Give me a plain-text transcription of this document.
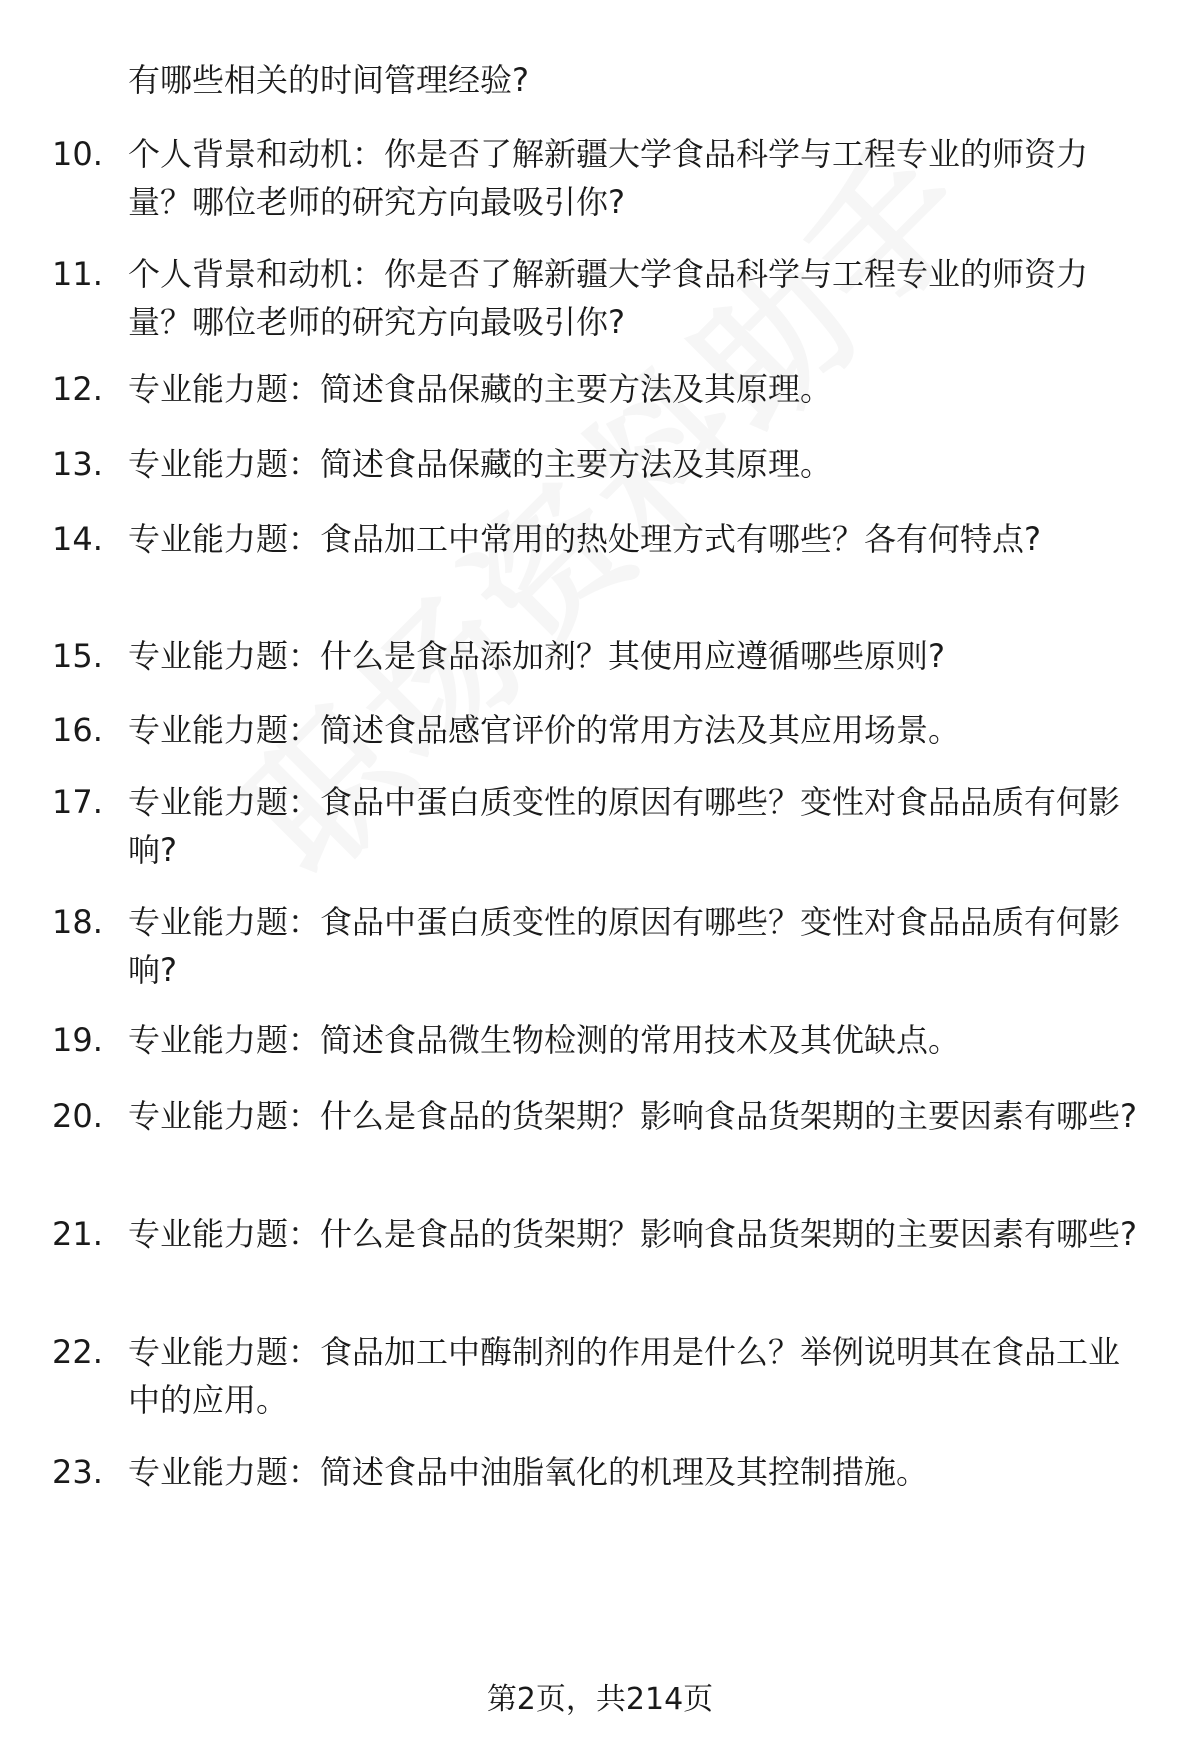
有哪些相关的时间管理经验?

10. 个人背景和动机：你是否了解新疆大学食品科学与工程专业的师资力量？哪位老师的研究方向最吸引你?
11. 个人背景和动机：你是否了解新疆大学食品科学与工程专业的师资力量？哪位老师的研究方向最吸引你?
12. 专业能力题：简述食品保藏的主要方法及其原理。
13. 专业能力题：简述食品保藏的主要方法及其原理。
14. 专业能力题：食品加工中常用的热处理方式有哪些？各有何特点?
15. 专业能力题：什么是食品添加剂？其使用应遵循哪些原则?
16. 专业能力题：简述食品感官评价的常用方法及其应用场景。
17. 专业能力题：食品中蛋白质变性的原因有哪些？变性对食品品质有何影响?
18. 专业能力题：食品中蛋白质变性的原因有哪些？变性对食品品质有何影响?
19. 专业能力题：简述食品微生物检测的常用技术及其优缺点。
20. 专业能力题：什么是食品的货架期？影响食品货架期的主要因素有哪些?
21. 专业能力题：什么是食品的货架期？影响食品货架期的主要因素有哪些?
22. 专业能力题：食品加工中酶制剂的作用是什么？举例说明其在食品工业中的应用。
23. 专业能力题：简述食品中油脂氧化的机理及其控制措施。
第2页，共214页
